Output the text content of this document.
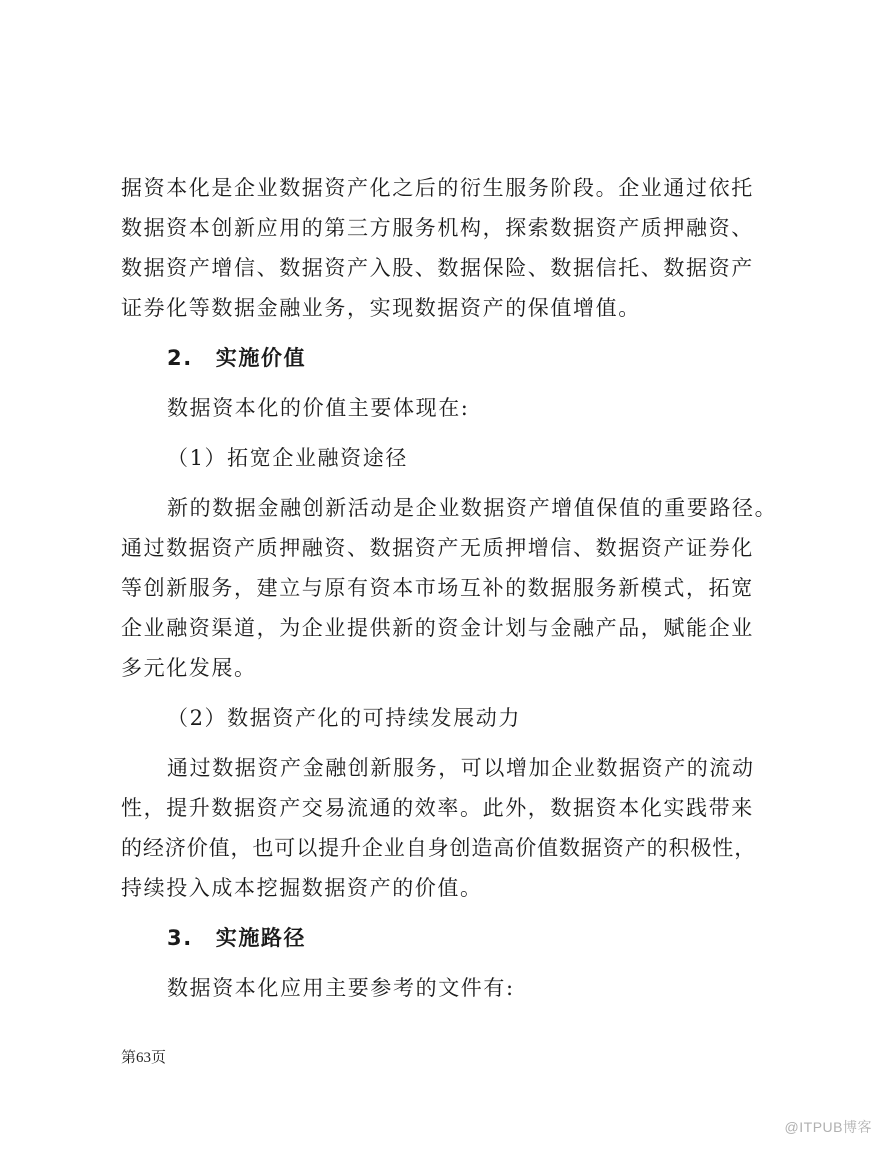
据资本化是企业数据资产化之后的衍生服务阶段。企业通过依托
数据资本创新应用的第三方服务机构，探索数据资产质押融资、
数据资产增信、数据资产入股、数据保险、数据信托、数据资产
证券化等数据金融业务，实现数据资产的保值增值。
2. 实施价值
数据资本化的价值主要体现在:
（1）拓宽企业融资途径
新的数据金融创新活动是企业数据资产增值保值的重要路径。
通过数据资产质押融资、数据资产无质押增信、数据资产证券化
等创新服务，建立与原有资本市场互补的数据服务新模式，拓宽
企业融资渠道，为企业提供新的资金计划与金融产品，赋能企业
多元化发展。
（2）数据资产化的可持续发展动力
通过数据资产金融创新服务，可以增加企业数据资产的流动
性，提升数据资产交易流通的效率。此外，数据资本化实践带来
的经济价值，也可以提升企业自身创造高价值数据资产的积极性，
持续投入成本挖掘数据资产的价值。
3. 实施路径
数据资本化应用主要参考的文件有:
第63页
@ITPUB博客
